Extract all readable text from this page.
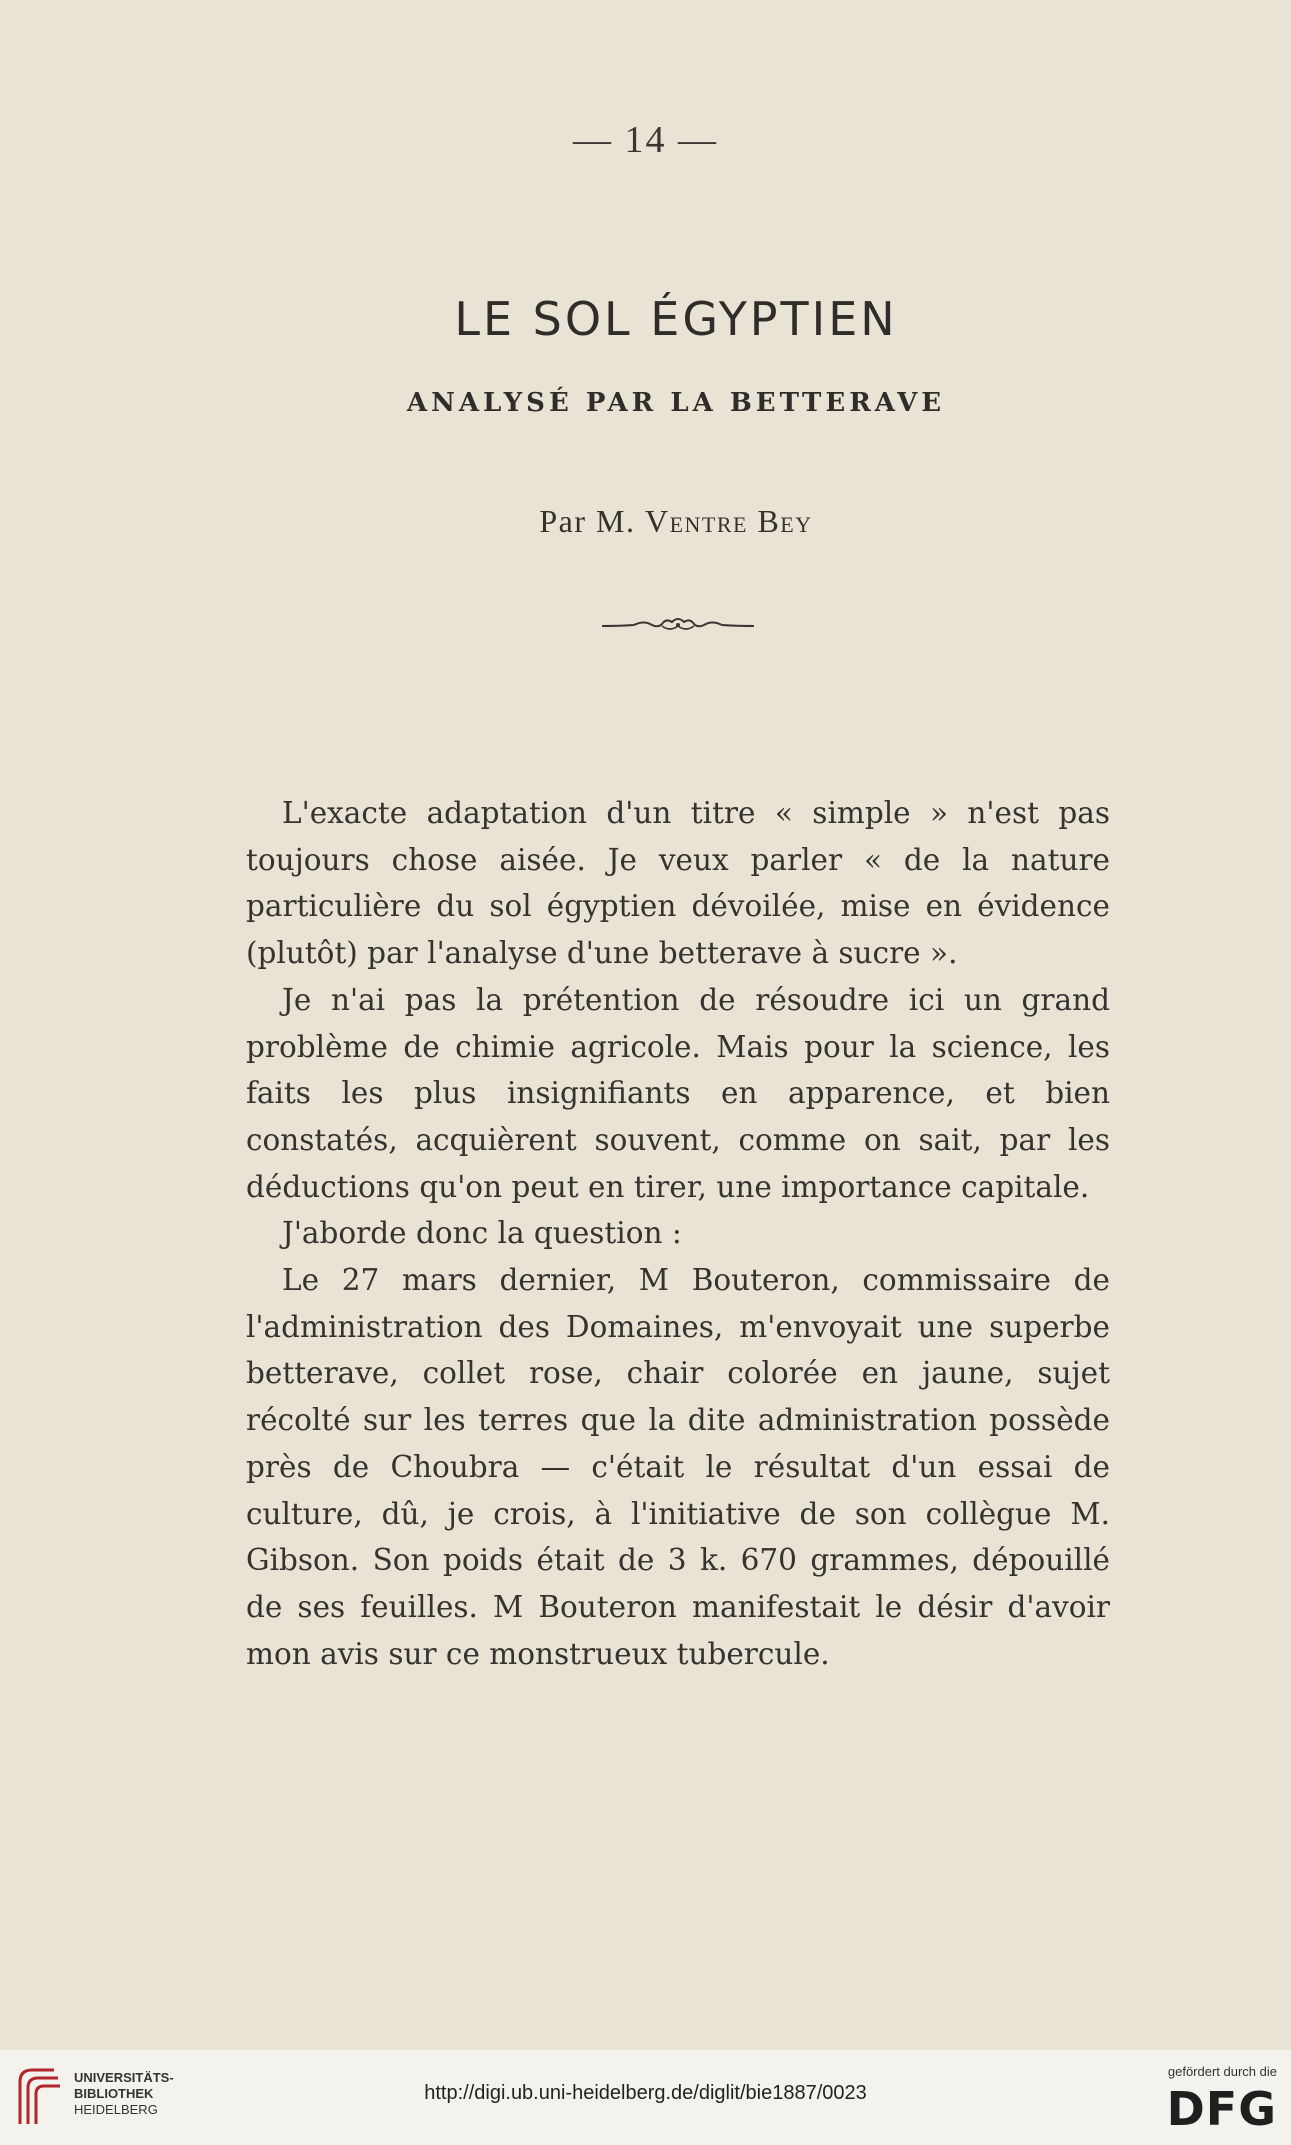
— 14 —
LE SOL ÉGYPTIEN
ANALYSÉ PAR LA BETTERAVE
Par M. Ventre Bey

L'exacte adaptation d'un titre « simple » n'est pas toujours chose aisée. Je veux parler « de la nature particulière du sol égyptien dévoilée, mise en évidence (plutôt) par l'analyse d'une betterave à sucre ».

Je n'ai pas la prétention de résoudre ici un grand problème de chimie agricole. Mais pour la science, les faits les plus insignifiants en apparence, et bien constatés, acquièrent souvent, comme on sait, par les déductions qu'on peut en tirer, une importance capitale.

J'aborde donc la question :

Le 27 mars dernier, M Bouteron, commissaire de l'administration des Domaines, m'envoyait une superbe betterave, collet rose, chair colorée en jaune, sujet récolté sur les terres que la dite administration possède près de Choubra — c'était le résultat d'un essai de culture, dû, je crois, à l'initiative de son collègue M. Gibson. Son poids était de 3 k. 670 grammes, dépouillé de ses feuilles. M Bouteron manifestait le désir d'avoir mon avis sur ce monstrueux tubercule.

UNIVERSITÄTS-
BIBLIOTHEK
HEIDELBERG
http://digi.ub.uni-heidelberg.de/diglit/bie1887/0023
gefördert durch die
DFG
